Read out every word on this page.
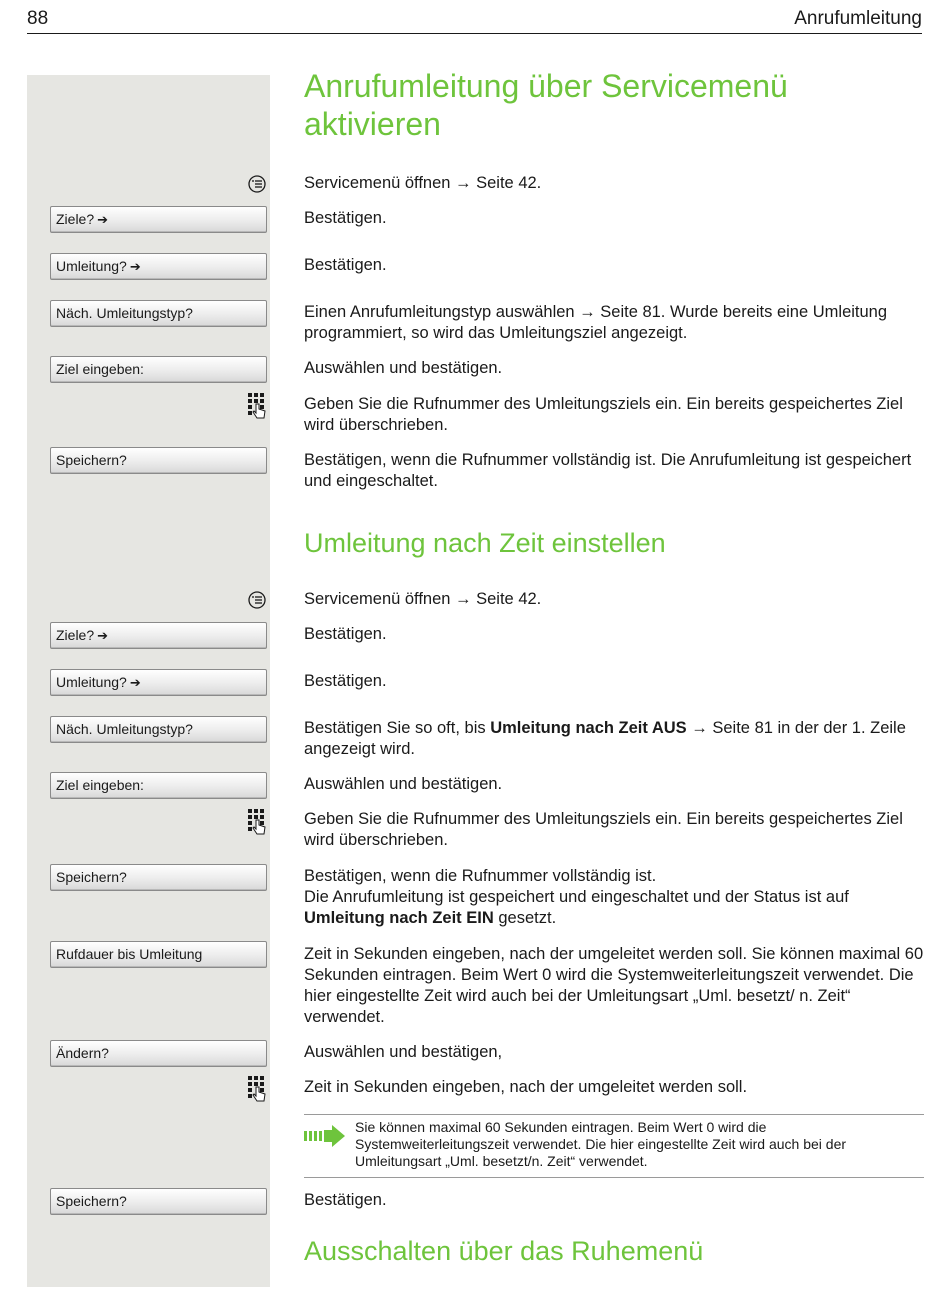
88	Anrufumleitung
Anrufumleitung über Servicemenü
aktivieren
Servicemenü öffnen → Seite 42.
Ziele? ➔	Bestätigen.
Umleitung? ➔	Bestätigen.
Näch. Umleitungstyp?	Einen Anrufumleitungstyp auswählen → Seite 81. Wurde bereits eine Umleitung programmiert, so wird das Umleitungsziel angezeigt.
Ziel eingeben:	Auswählen und bestätigen.
Geben Sie die Rufnummer des Umleitungsziels ein. Ein bereits gespeichertes Ziel wird überschrieben.
Speichern?	Bestätigen, wenn die Rufnummer vollständig ist. Die Anrufumleitung ist gespeichert und eingeschaltet.
Umleitung nach Zeit einstellen
Servicemenü öffnen → Seite 42.
Ziele? ➔	Bestätigen.
Umleitung? ➔	Bestätigen.
Näch. Umleitungstyp?	Bestätigen Sie so oft, bis Umleitung nach Zeit AUS → Seite 81 in der der 1. Zeile angezeigt wird.
Ziel eingeben:	Auswählen und bestätigen.
Geben Sie die Rufnummer des Umleitungsziels ein. Ein bereits gespeichertes Ziel wird überschrieben.
Speichern?	Bestätigen, wenn die Rufnummer vollständig ist.
Die Anrufumleitung ist gespeichert und eingeschaltet und der Status ist auf Umleitung nach Zeit EIN gesetzt.
Rufdauer bis Umleitung	Zeit in Sekunden eingeben, nach der umgeleitet werden soll. Sie können maximal 60 Sekunden eintragen. Beim Wert 0 wird die Systemweiterleitungszeit verwendet. Die hier eingestellte Zeit wird auch bei der Umleitungsart „Uml. besetzt/ n. Zeit“ verwendet.
Ändern?	Auswählen und bestätigen,
Zeit in Sekunden eingeben, nach der umgeleitet werden soll.
Sie können maximal 60 Sekunden eintragen. Beim Wert 0 wird die Systemweiterleitungszeit verwendet. Die hier eingestellte Zeit wird auch bei der Umleitungsart „Uml. besetzt/n. Zeit“ verwendet.
Speichern?	Bestätigen.
Ausschalten über das Ruhemenü
